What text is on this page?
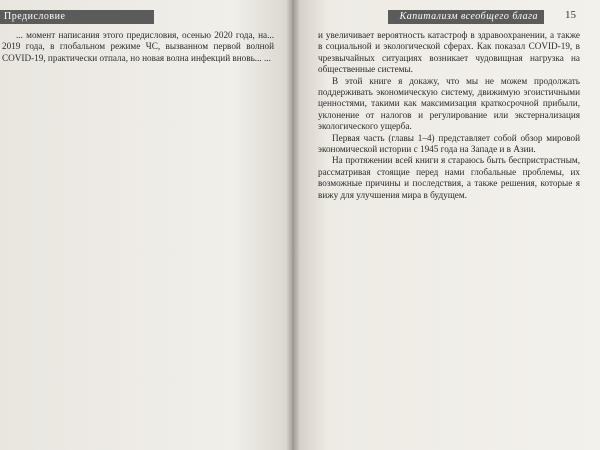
Предисловие

... момент написания этого предисловия, осенью 2020 года, на... 2019 года, в глобальном режиме ЧС, вызванном первой волной COVID-19, практически отпала, но новая волна инфекций вновь... ...

Капитализм всеобщего блага	15

и увеличивает вероятность катастроф в здравоохранении, а также в социальной и экологической сферах. Как показал COVID-19, в чрезвычайных ситуациях возникает чудовищная нагрузка на общественные системы.

В этой книге я докажу, что мы не можем продолжать поддерживать экономическую систему, движимую эгоистичными ценностями, такими как максимизация краткосрочной прибыли, уклонение от налогов и регулирование или экстернализация экологического ущерба.

Первая часть (главы 1–4) представляет собой обзор мировой экономической истории с 1945 года на Западе и в Азии.

На протяжении всей книги я стараюсь быть беспристрастным, рассматривая стоящие перед нами глобальные проблемы, их возможные причины и последствия, а также решения, которые я вижу для улучшения мира в будущем.
